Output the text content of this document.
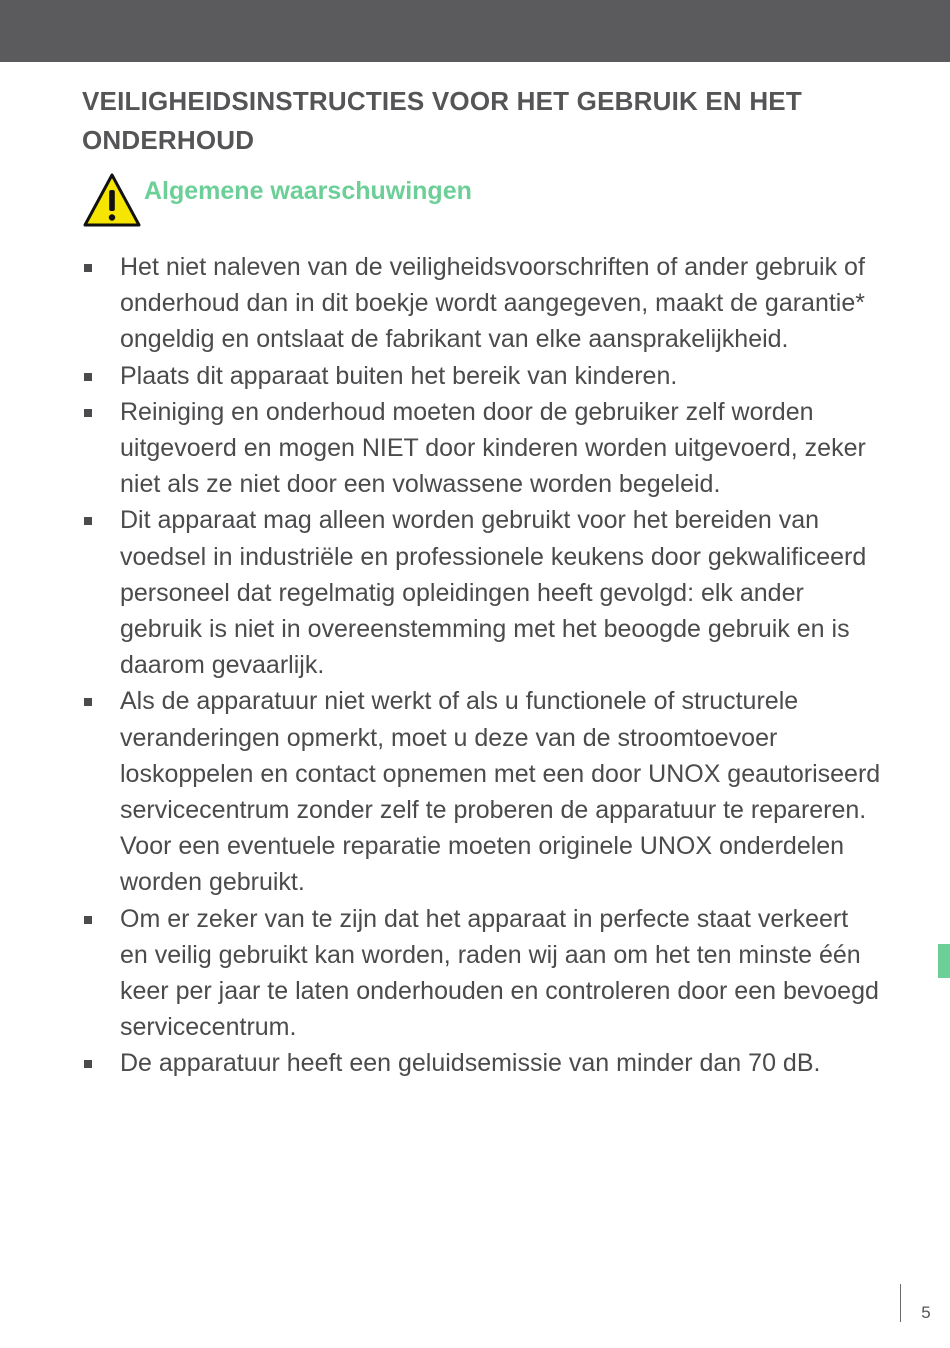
VEILIGHEIDSINSTRUCTIES VOOR HET GEBRUIK EN HET ONDERHOUD
Algemene waarschuwingen
Het niet naleven van de veiligheidsvoorschriften of ander gebruik of onderhoud dan in dit boekje wordt aangegeven, maakt de garantie* ongeldig en ontslaat de fabrikant van elke aansprakelijkheid.
Plaats dit apparaat buiten het bereik van kinderen.
Reiniging en onderhoud moeten door de gebruiker zelf worden uitgevoerd en mogen NIET door kinderen worden uitgevoerd, zeker niet als ze niet door een volwassene worden begeleid.
Dit apparaat mag alleen worden gebruikt voor het bereiden van voedsel in industriële en professionele keukens door gekwalificeerd personeel dat regelmatig opleidingen heeft gevolgd: elk ander gebruik is niet in overeenstemming met het beoogde gebruik en is daarom gevaarlijk.
Als de apparatuur niet werkt of als u functionele of structurele veranderingen opmerkt, moet u deze van de stroomtoevoer loskoppelen en contact opnemen met een door UNOX geautoriseerd servicecentrum zonder zelf te proberen de apparatuur te repareren. Voor een eventuele reparatie moeten originele UNOX onderdelen worden gebruikt.
Om er zeker van te zijn dat het apparaat in perfecte staat verkeert en veilig gebruikt kan worden, raden wij aan om het ten minste één keer per jaar te laten onderhouden en controleren door een bevoegd servicecentrum.
De apparatuur heeft een geluidsemissie van minder dan 70 dB.
5
